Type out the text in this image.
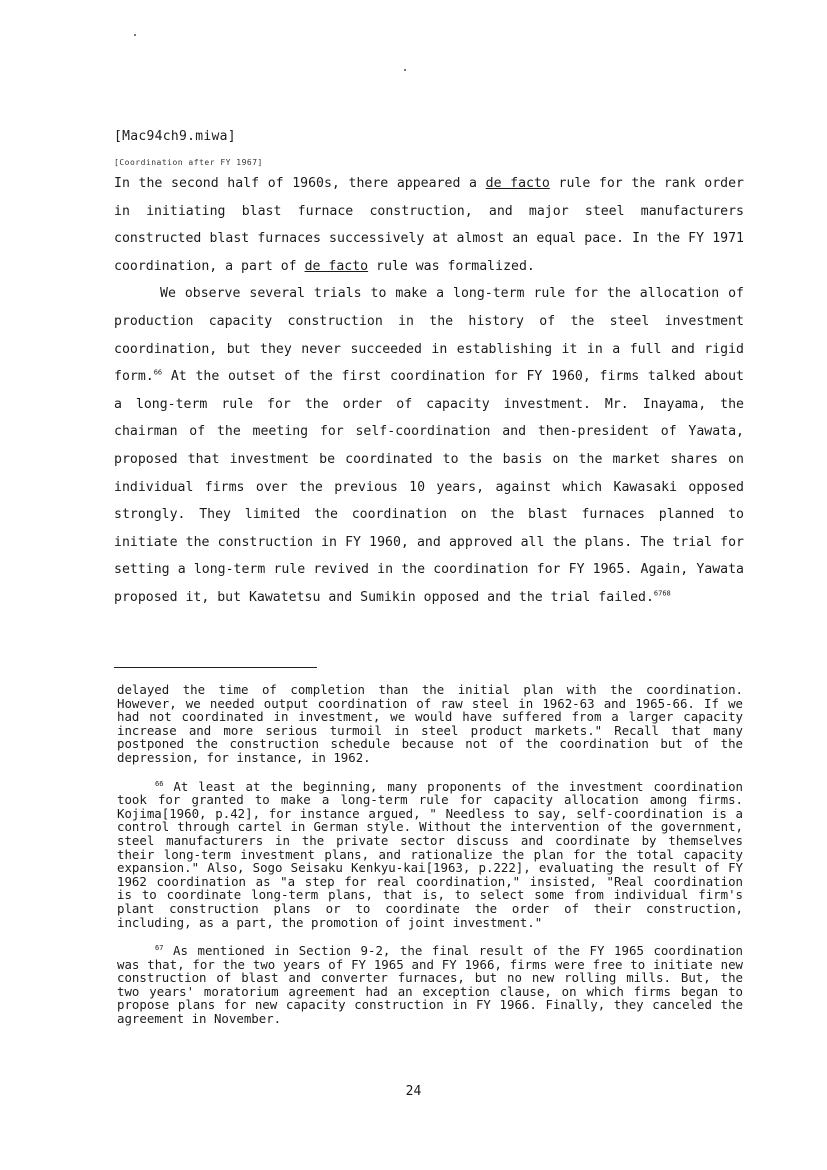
[Mac94ch9.miwa]
[Coordination after FY 1967]

In the second half of 1960s, there appeared a de facto rule for the rank order in initiating blast furnace construction, and major steel manufacturers constructed blast furnaces successively at almost an equal pace. In the FY 1971 coordination, a part of de facto rule was formalized.

We observe several trials to make a long-term rule for the allocation of production capacity construction in the history of the steel investment coordination, but they never succeeded in establishing it in a full and rigid form.$^{66}$ At the outset of the first coordination for FY 1960, firms talked about a long-term rule for the order of capacity investment. Mr. Inayama, the chairman of the meeting for self-coordination and then-president of Yawata, proposed that investment be coordinated to the basis on the market shares on individual firms over the previous 10 years, against which Kawasaki opposed strongly. They limited the coordination on the blast furnaces planned to initiate the construction in FY 1960, and approved all the plans. The trial for setting a long-term rule revived in the coordination for FY 1965. Again, Yawata proposed it, but Kawatetsu and Sumikin opposed and the trial failed.$^{6768}$

delayed the time of completion than the initial plan with the coordination. However, we needed output coordination of raw steel in 1962-63 and 1965-66. If we had not coordinated in investment, we would have suffered from a larger capacity increase and more serious turmoil in steel product markets." Recall that many postponed the construction schedule because not of the coordination but of the depression, for instance, in 1962.

$^{66}$ At least at the beginning, many proponents of the investment coordination took for granted to make a long-term rule for capacity allocation among firms. Kojima[1960, p.42], for instance argued, " Needless to say, self-coordination is a control through cartel in German style. Without the intervention of the government, steel manufacturers in the private sector discuss and coordinate by themselves their long-term investment plans, and rationalize the plan for the total capacity expansion." Also, Sogo Seisaku Kenkyu-kai[1963, p.222], evaluating the result of FY 1962 coordination as "a step for real coordination," insisted, "Real coordination is to coordinate long-term plans, that is, to select some from individual firm's plant construction plans or to coordinate the order of their construction, including, as a part, the promotion of joint investment."

$^{67}$ As mentioned in Section 9-2, the final result of the FY 1965 coordination was that, for the two years of FY 1965 and FY 1966, firms were free to initiate new construction of blast and converter furnaces, but no new rolling mills. But, the two years' moratorium agreement had an exception clause, on which firms began to propose plans for new capacity construction in FY 1966. Finally, they canceled the agreement in November.

24
